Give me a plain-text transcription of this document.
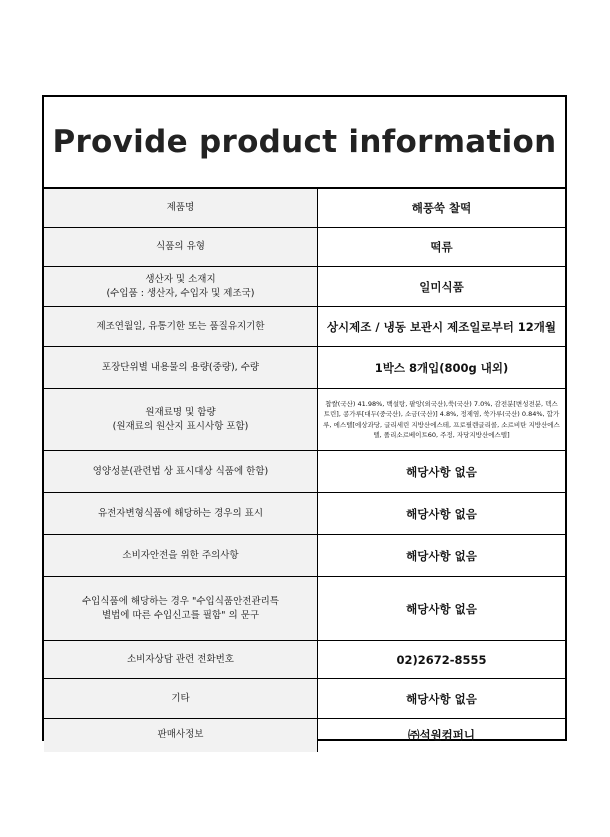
Provide product information
제품명	해풍쑥 찰떡
식품의 유형	떡류
생산자 및 소재지
(수입품 : 생산자, 수입자 및 제조국)	일미식품
제조연월일, 유통기한 또는 품질유지기한	상시제조 / 냉동 보관시 제조일로부터 12개월
포장단위별 내용물의 용량(중량), 수량	1박스 8개입(800g 내외)
원재료명 및 함량
(원재료의 원산지 표시사항 포함)	찹쌀(국산) 41.98%, 백설탕, 팥앙(외국산),쑥(국산) 7.0%, 감전분[변성전분, 덱스트린], 콩가루[대두(중국산), 소금(국산)] 4.8%, 정제염, 쑥가루(국산) 0.84%, 합가루, 에스텔[에상과당, 글리세린 지방산에스테, 프로필렌글리콜, 소르비탄 지방산에스텔, 폴리소르베이트60, 주정, 자당지방산에스텔]
영양성분(관련법 상 표시대상 식품에 한함)	해당사항 없음
유전자변형식품에 해당하는 경우의 표시	해당사항 없음
소비자안전을 위한 주의사항	해당사항 없음
수입식품에 해당하는 경우 "수입식품안전관리특
별법에 따른 수입신고를 필함" 의 문구	해당사항 없음
소비자상담 관련 전화번호	02)2672-8555
기타	해당사항 없음
판매사정보	㈜석원컴퍼니
